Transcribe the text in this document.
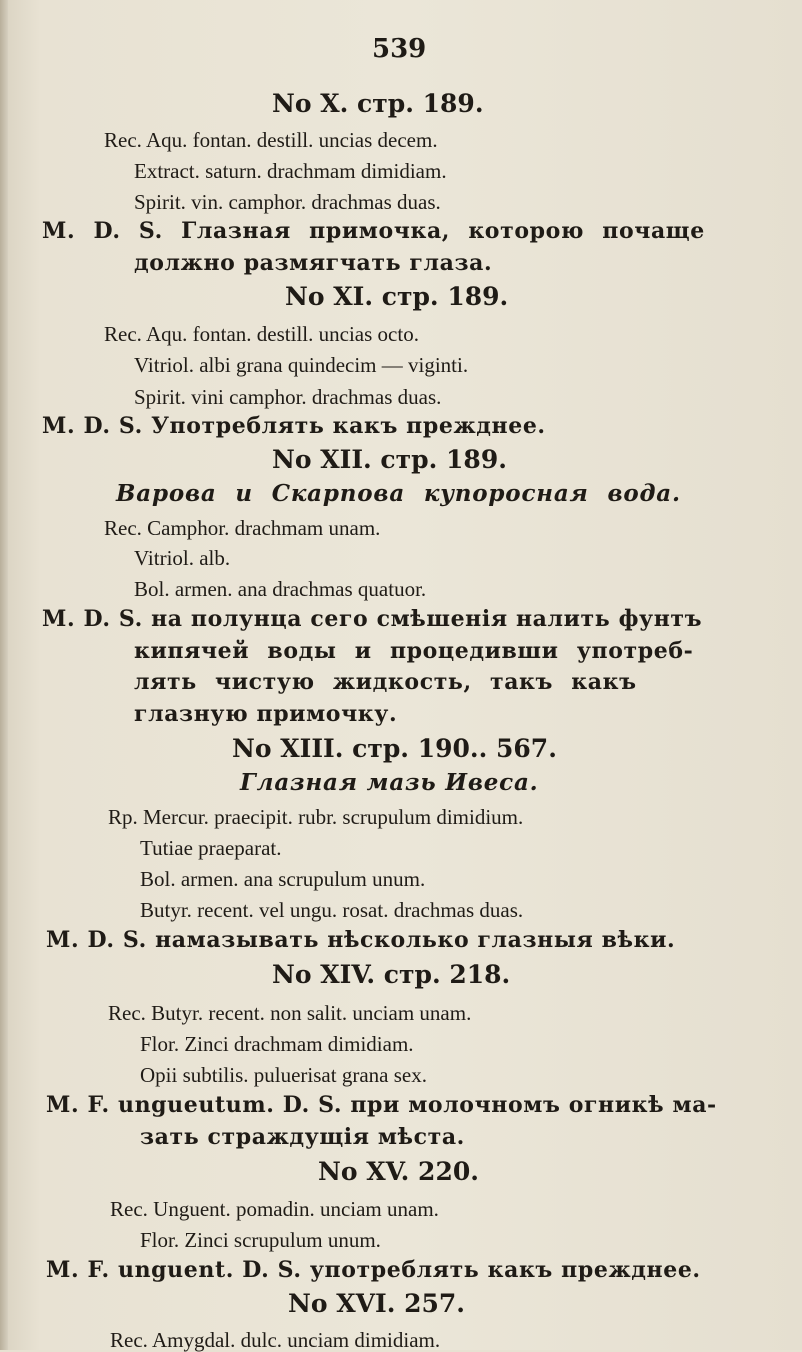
539
No X. стр. 189.
Rec. Aqu. fontan. destill. uncias decem.
Extract. saturn. drachmam dimidiam.
Spirit. vin. camphor. drachmas duas.
M. D. S. Глазная примочка, которою почаще
должно размягчать глаза.
No XI. стр. 189.
Rec. Aqu. fontan. destill. uncias octo.
Vitriol. albi grana quindecim — viginti.
Spirit. vini camphor. drachmas duas.
M. D. S. Употреблять какъ прежднее.
No XII. стр. 189.
Варова и Скарпова купоросная вода.
Rec. Camphor. drachmam unam.
Vitriol. alb.
Bol. armen. ana drachmas quatuor.
M. D. S. на полунца сего смѣшенія налить фунтъ
кипячей воды и процедивши употреб-
лять чистую жидкость, такъ какъ
глазную примочку.
No XIII. стр. 190.. 567.
Глазная мазь Ивеса.
Rp. Mercur. praecipit. rubr. scrupulum dimidium.
Tutiae praeparat.
Bol. armen. ana scrupulum unum.
Butyr. recent. vel ungu. rosat. drachmas duas.
M. D. S. намазывать нѣсколько глазныя вѣки.
No XIV. стр. 218.
Rec. Butyr. recent. non salit. unciam unam.
Flor. Zinci drachmam dimidiam.
Opii subtilis. puluerisat grana sex.
M. F. ungueutum. D. S. при молочномъ огникѣ ма-
зать страждущія мѣста.
No XV. 220.
Rec. Unguent. pomadin. unciam unam.
Flor. Zinci scrupulum unum.
M. F. unguent. D. S. употреблять какъ прежднее.
No XVI. 257.
Rec. Amygdal. dulc. unciam dimidiam.
